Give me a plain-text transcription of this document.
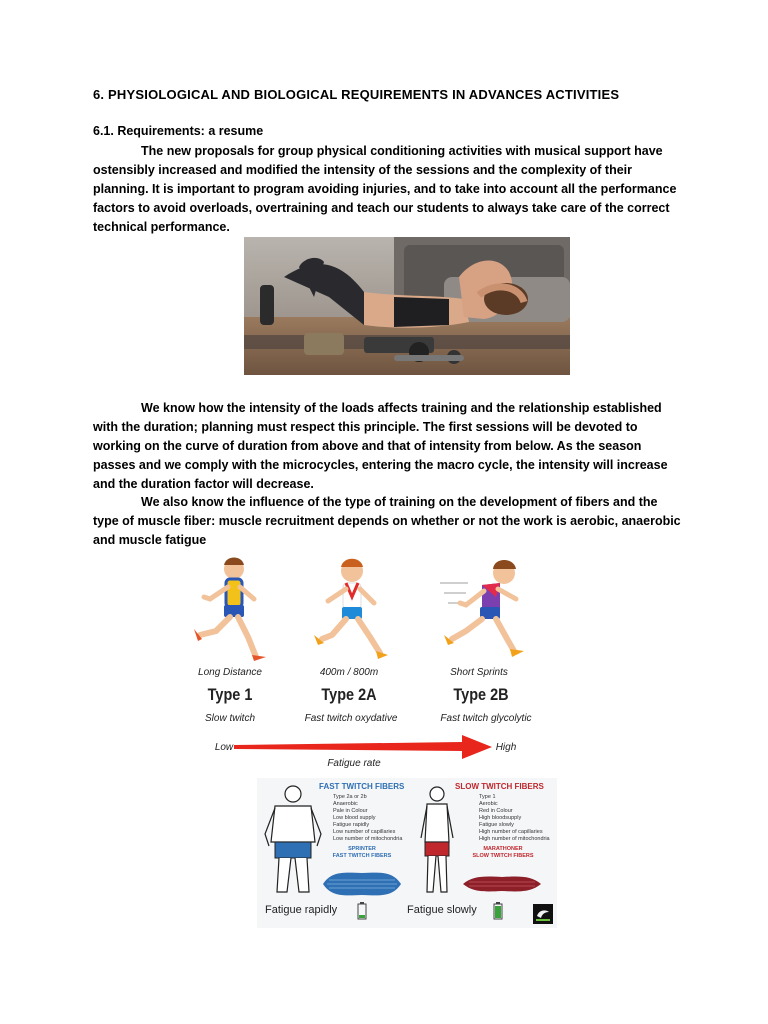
6. PHYSIOLOGICAL AND BIOLOGICAL REQUIREMENTS IN ADVANCES ACTIVITIES
6.1. Requirements: a resume

The new proposals for group physical conditioning activities with musical support have ostensibly increased and modified the intensity of the sessions and the complexity of their planning. It is important to program avoiding injuries, and to take into account all the performance factors to avoid overloads, overtraining and teach our students to always take care of the correct technical performance.

We know how the intensity of the loads affects training and the relationship established with the duration; planning must respect this principle. The first sessions will be devoted to working on the curve of duration from above and that of intensity from below. As the season passes and we comply with the microcycles, entering the macro cycle, the intensity will increase and the duration factor will decrease.

We also know the influence of the type of training on the development of fibers and the type of muscle fiber: muscle recruitment depends on whether or not the work is aerobic, anaerobic and muscle fatigue

Long Distance	400m / 800m	Short Sprints
Type 1	Type 2A	Type 2B
Slow twitch	Fast twitch oxydative	Fast twitch glycolytic
Low	High
Fatigue rate
FAST TWITCH FIBERS
Type 2a or 2b
Anaerobic
Pale in Colour
Low blood supply
Fatigue rapidly
Low number of capillaries
Low number of mitochondria
SPRINTER
FAST TWITCH FIBERS
Fatigue rapidly
SLOW TWITCH FIBERS
Type 1
Aerobic
Red in Colour
High bloodsupply
Fatigue slowly
High number of capillaries
High number of mitochondria
MARATHONER
SLOW TWITCH FIBERS
Fatigue slowly
